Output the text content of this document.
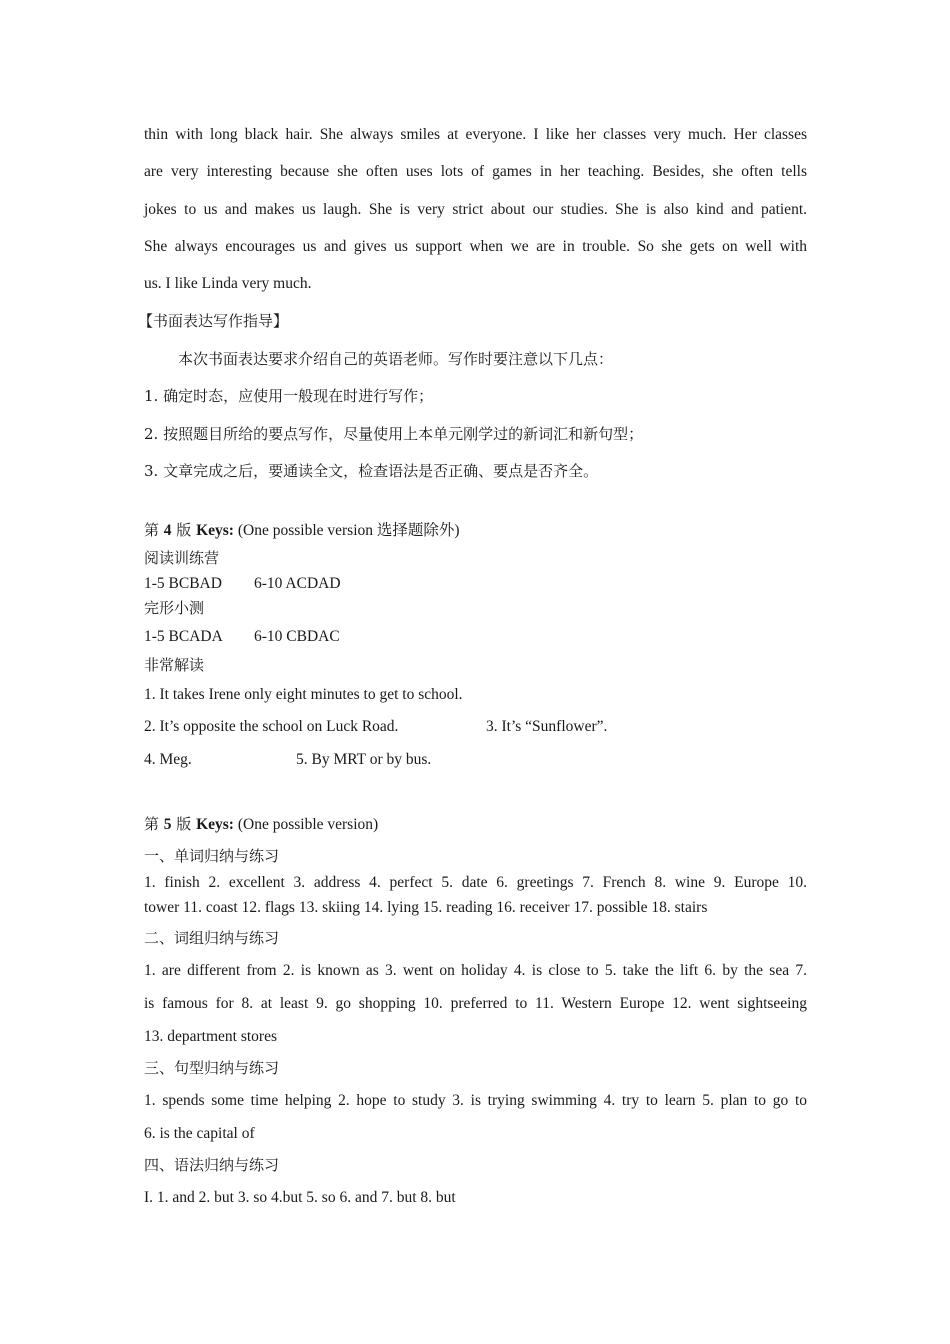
thin with long black hair. She always smiles at everyone. I like her classes very much. Her classes
are very interesting because she often uses lots of games in her teaching. Besides, she often tells
jokes to us and makes us laugh. She is very strict about our studies. She is also kind and patient.
She always encourages us and gives us support when we are in trouble. So she gets on well with
us. I like Linda very much.
【书面表达写作指导】
本次书面表达要求介绍自己的英语老师。写作时要注意以下几点：
1. 确定时态，应使用一般现在时进行写作；
2. 按照题目所给的要点写作，尽量使用上本单元刚学过的新词汇和新句型；
3. 文章完成之后，要通读全文，检查语法是否正确、要点是否齐全。
第 4 版 Keys: (One possible version 选择题除外)
阅读训练营
1-5 BCBAD 6-10 ACDAD
完形小测
1-5 BCADA 6-10 CBDAC
非常解读
1. It takes Irene only eight minutes to get to school.
2. It’s opposite the school on Luck Road.	3. It’s “Sunflower”.
4. Meg.	5. By MRT or by bus.
第 5 版 Keys: (One possible version)
一、单词归纳与练习
1. finish 2. excellent 3. address 4. perfect 5. date 6. greetings 7. French 8. wine 9. Europe 10.
tower 11. coast 12. flags 13. skiing 14. lying 15. reading 16. receiver 17. possible 18. stairs
二、词组归纳与练习
1. are different from 2. is known as 3. went on holiday 4. is close to 5. take the lift 6. by the sea 7.
is famous for 8. at least 9. go shopping 10. preferred to 11. Western Europe 12. went sightseeing
13. department stores
三、句型归纳与练习
1. spends some time helping 2. hope to study 3. is trying swimming 4. try to learn 5. plan to go to
6. is the capital of
四、语法归纳与练习
I. 1. and 2. but 3. so 4.but 5. so 6. and 7. but 8. but
